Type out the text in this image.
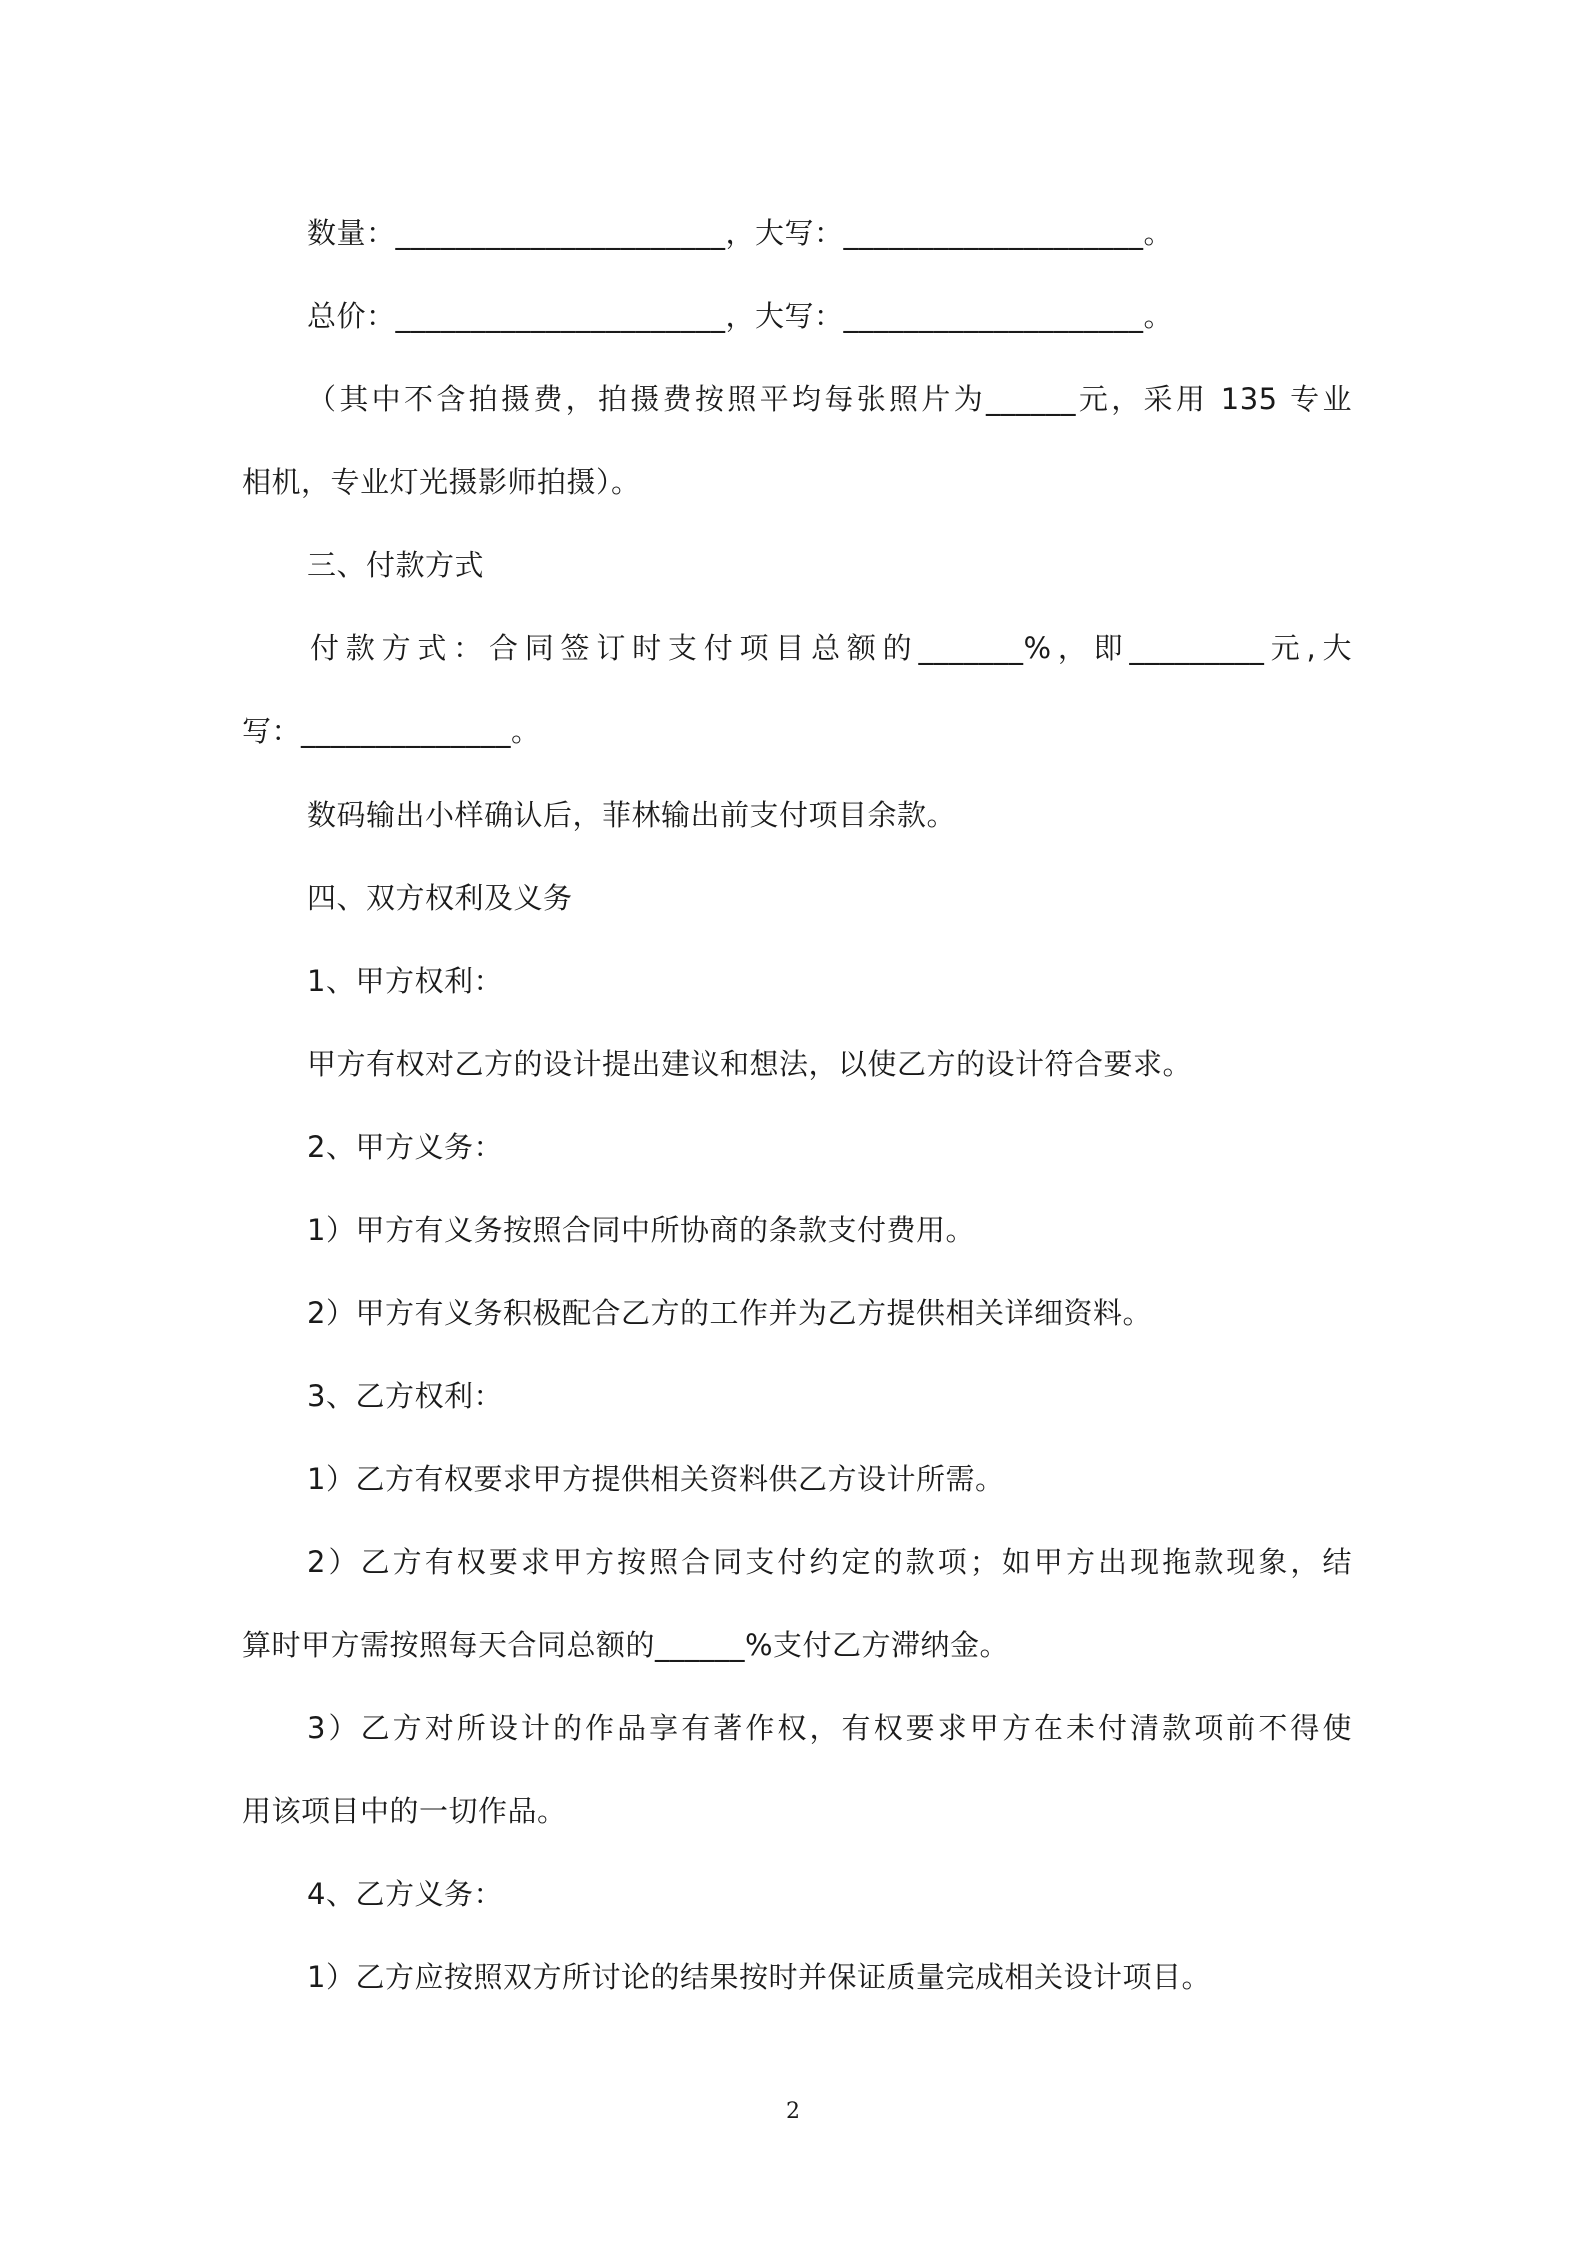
数量：______________________，大写：____________________。
总价：______________________，大写：____________________。
（其中不含拍摄费，拍摄费按照平均每张照片为______元，采用 135 专业
相机，专业灯光摄影师拍摄）。
三、付款方式
付款方式：合同签订时支付项目总额的_______%，即_________元,大
写：______________。
数码输出小样确认后，菲林输出前支付项目余款。
四、双方权利及义务
1、甲方权利：
甲方有权对乙方的设计提出建议和想法，以使乙方的设计符合要求。
2、甲方义务：
1）甲方有义务按照合同中所协商的条款支付费用。
2）甲方有义务积极配合乙方的工作并为乙方提供相关详细资料。
3、乙方权利：
1）乙方有权要求甲方提供相关资料供乙方设计所需。
2）乙方有权要求甲方按照合同支付约定的款项；如甲方出现拖款现象，结
算时甲方需按照每天合同总额的______%支付乙方滞纳金。
3）乙方对所设计的作品享有著作权，有权要求甲方在未付清款项前不得使
用该项目中的一切作品。
4、乙方义务：
1）乙方应按照双方所讨论的结果按时并保证质量完成相关设计项目。
2
